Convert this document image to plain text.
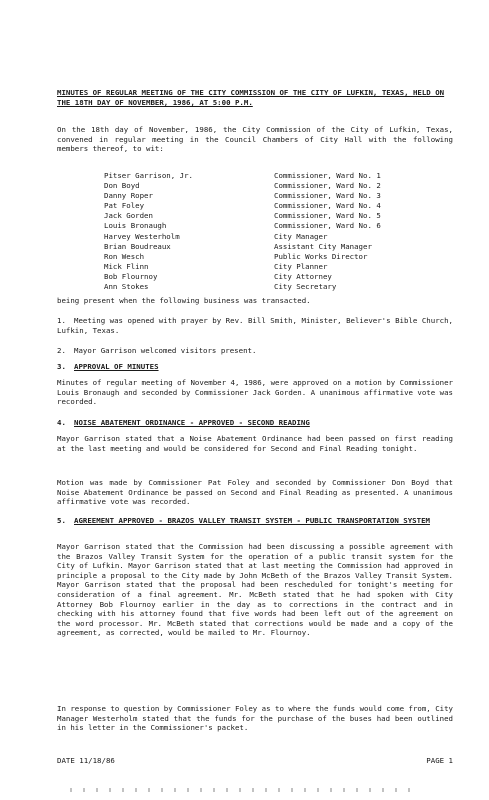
MINUTES OF REGULAR MEETING OF THE CITY COMMISSION OF THE CITY OF LUFKIN, TEXAS, HELD ON THE 18TH DAY OF NOVEMBER, 1986, AT 5:00 P.M.
On the 18th day of November, 1986, the City Commission of the City of Lufkin, Texas, convened in regular meeting in the Council Chambers of City Hall with the following members thereof, to wit:
Pitser Garrison, Jr.	Commissioner, Ward No. 1
Don Boyd	Commissioner, Ward No. 2
Danny Roper	Commissioner, Ward No. 3
Pat Foley	Commissioner, Ward No. 4
Jack Gorden	Commissioner, Ward No. 5
Louis Bronaugh	Commissioner, Ward No. 6
Harvey Westerholm	City Manager
Brian Boudreaux	Assistant City Manager
Ron Wesch	Public Works Director
Mick Flinn	City Planner
Bob Flournoy	City Attorney
Ann Stokes	City Secretary
being present when the following business was transacted.
1. Meeting was opened with prayer by Rev. Bill Smith, Minister, Believer's Bible Church, Lufkin, Texas.
2. Mayor Garrison welcomed visitors present.
3. APPROVAL OF MINUTES
Minutes of regular meeting of November 4, 1986, were approved on a motion by Commissioner Louis Bronaugh and seconded by Commissioner Jack Gorden. A unanimous affirmative vote was recorded.
4. NOISE ABATEMENT ORDINANCE - APPROVED - SECOND READING
Mayor Garrison stated that a Noise Abatement Ordinance had been passed on first reading at the last meeting and would be considered for Second and Final Reading tonight.
Motion was made by Commissioner Pat Foley and seconded by Commissioner Don Boyd that Noise Abatement Ordinance be passed on Second and Final Reading as presented. A unanimous affirmative vote was recorded.
5. AGREEMENT APPROVED - BRAZOS VALLEY TRANSIT SYSTEM - PUBLIC TRANSPORTATION SYSTEM
Mayor Garrison stated that the Commission had been discussing a possible agreement with the Brazos Valley Transit System for the operation of a public transit system for the City of Lufkin. Mayor Garrison stated that at last meeting the Commission had approved in principle a proposal to the City made by John McBeth of the Brazos Valley Transit System. Mayor Garrison stated that the proposal had been rescheduled for tonight's meeting for consideration of a final agreement. Mr. McBeth stated that he had spoken with City Attorney Bob Flournoy earlier in the day as to corrections in the contract and in checking with his attorney found that five words had been left out of the agreement on the word processor. Mr. McBeth stated that corrections would be made and a copy of the agreement, as corrected, would be mailed to Mr. Flournoy.
In response to question by Commissioner Foley as to where the funds would come from, City Manager Westerholm stated that the funds for the purchase of the buses had been outlined in his letter in the Commissioner's packet.
DATE 11/18/86	PAGE 1
